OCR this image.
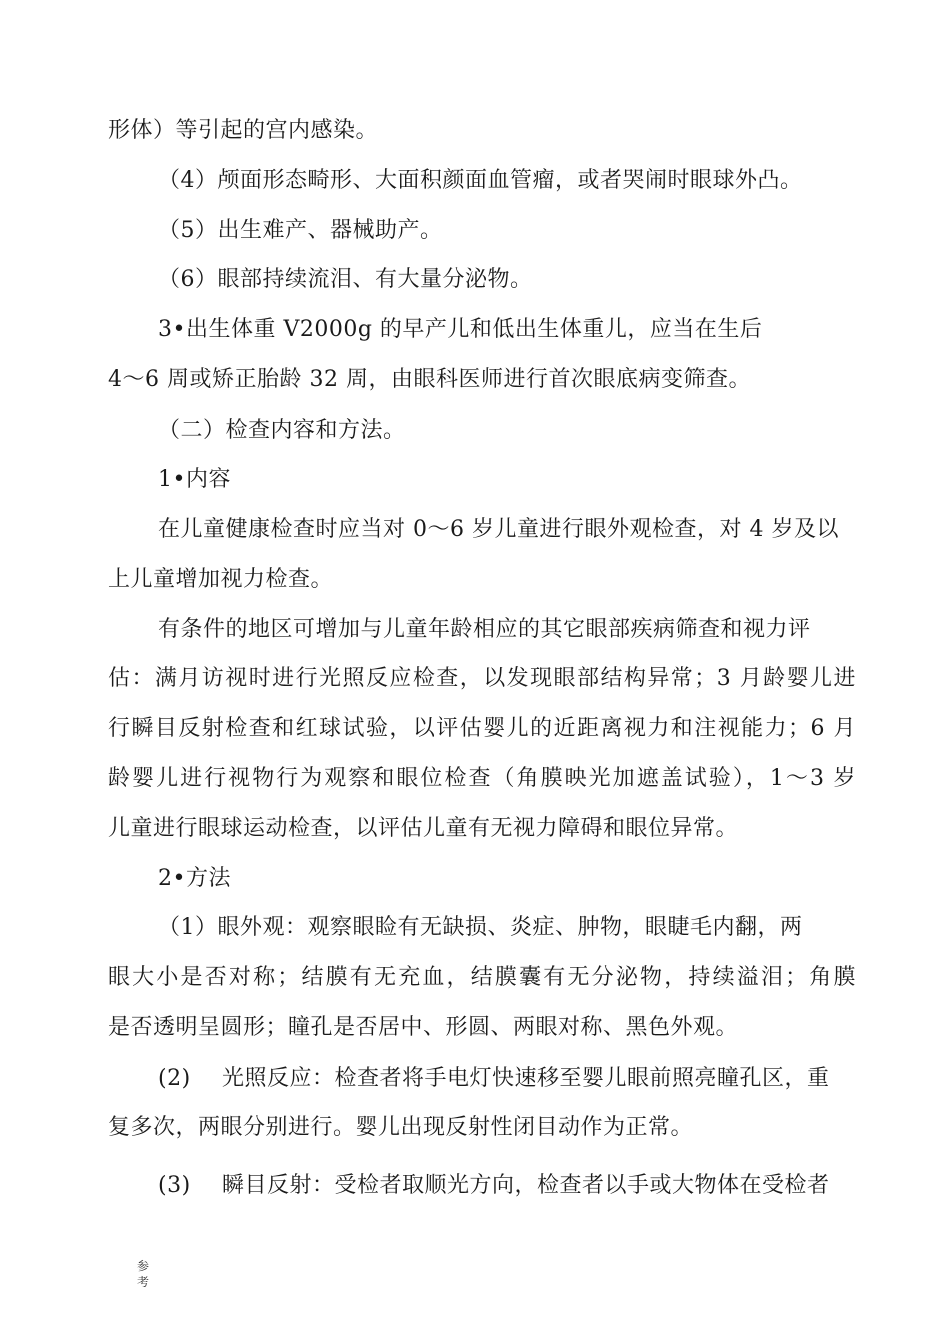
形体）等引起的宫内感染。
（4）颅面形态畸形、大面积颜面血管瘤，或者哭闹时眼球外凸。
（5）出生难产、器械助产。
（6）眼部持续流泪、有大量分泌物。
3•出生体重 V2000g 的早产儿和低出生体重儿，应当在生后
4〜6 周或矫正胎龄 32 周，由眼科医师进行首次眼底病变筛查。
（二）检查内容和方法。
1•内容
在儿童健康检查时应当对 0〜6 岁儿童进行眼外观检查，对 4 岁及以
上儿童增加视力检查。
有条件的地区可增加与儿童年龄相应的其它眼部疾病筛查和视力评
估：满月访视时进行光照反应检查，以发现眼部结构异常；3 月龄婴儿进
行瞬目反射检查和红球试验，以评估婴儿的近距离视力和注视能力；6 月
龄婴儿进行视物行为观察和眼位检查（角膜映光加遮盖试验），1〜3 岁
儿童进行眼球运动检查，以评估儿童有无视力障碍和眼位异常。
2•方法
（1）眼外观：观察眼睑有无缺损、炎症、肿物，眼睫毛内翻，两
眼大小是否对称；结膜有无充血，结膜囊有无分泌物，持续溢泪；角膜
是否透明呈圆形；瞳孔是否居中、形圆、两眼对称、黑色外观。
(2) 光照反应：检查者将手电灯快速移至婴儿眼前照亮瞳孔区，重
复多次，两眼分别进行。婴儿出现反射性闭目动作为正常。
(3) 瞬目反射：受检者取顺光方向，检查者以手或大物体在受检者
参考
